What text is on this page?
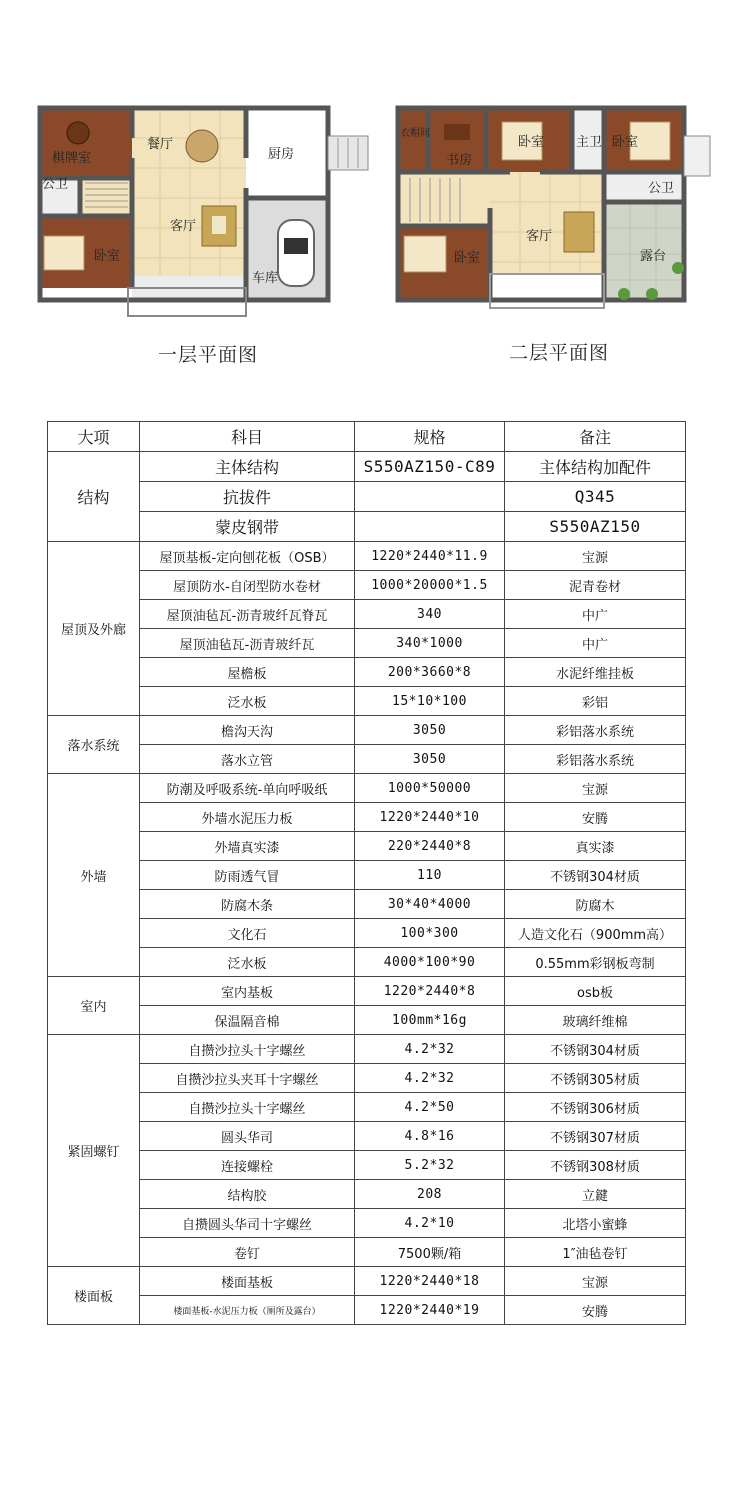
棋牌室
餐厅
厨房
公卫
客厅
卧室
车库
一层平面图
衣帽间
书房
卧室 主卫 卧室
公卫
客厅
卧室	露台
二层平面图
大项	科目	规格	备注
结构	主体结构	S550AZ150-C89	主体结构加配件
	抗拔件		Q345
	蒙皮钢带		S550AZ150
屋顶及外廊	屋顶基板-定向刨花板（OSB）	1220*2440*11.9	宝源
	屋顶防水-自闭型防水卷材	1000*20000*1.5	泥青卷材
	屋顶油毡瓦-沥青玻纤瓦脊瓦	340	中广
	屋顶油毡瓦-沥青玻纤瓦	340*1000	中广
	屋檐板	200*3660*8	水泥纤维挂板
	泛水板	15*10*100	彩铝
落水系统	檐沟天沟	3050	彩铝落水系统
	落水立管	3050	彩铝落水系统
外墙	防潮及呼吸系统-单向呼吸纸	1000*50000	宝源
	外墙水泥压力板	1220*2440*10	安腾
	外墙真实漆	220*2440*8	真实漆
	防雨透气冒	110	不锈钢304材质
	防腐木条	30*40*4000	防腐木
	文化石	100*300	人造文化石（900mm高）
	泛水板	4000*100*90	0.55mm彩钢板弯制
室内	室内基板	1220*2440*8	osb板
	保温隔音棉	100mm*16g	玻璃纤维棉
紧固螺钉	自攒沙拉头十字螺丝	4.2*32	不锈钢304材质
	自攒沙拉头夹耳十字螺丝	4.2*32	不锈钢305材质
	自攒沙拉头十字螺丝	4.2*50	不锈钢306材质
	圆头华司	4.8*16	不锈钢307材质
	连接螺栓	5.2*32	不锈钢308材质
	结构胶	208	立鍵
	自攒圆头华司十字螺丝	4.2*10	北塔小蜜蜂
	卷钉	7500颗/箱	1″油毡卷钉
楼面板	楼面基板	1220*2440*18	宝源
	楼面基板-水泥压力板（厕所及露台）	1220*2440*19	安腾
